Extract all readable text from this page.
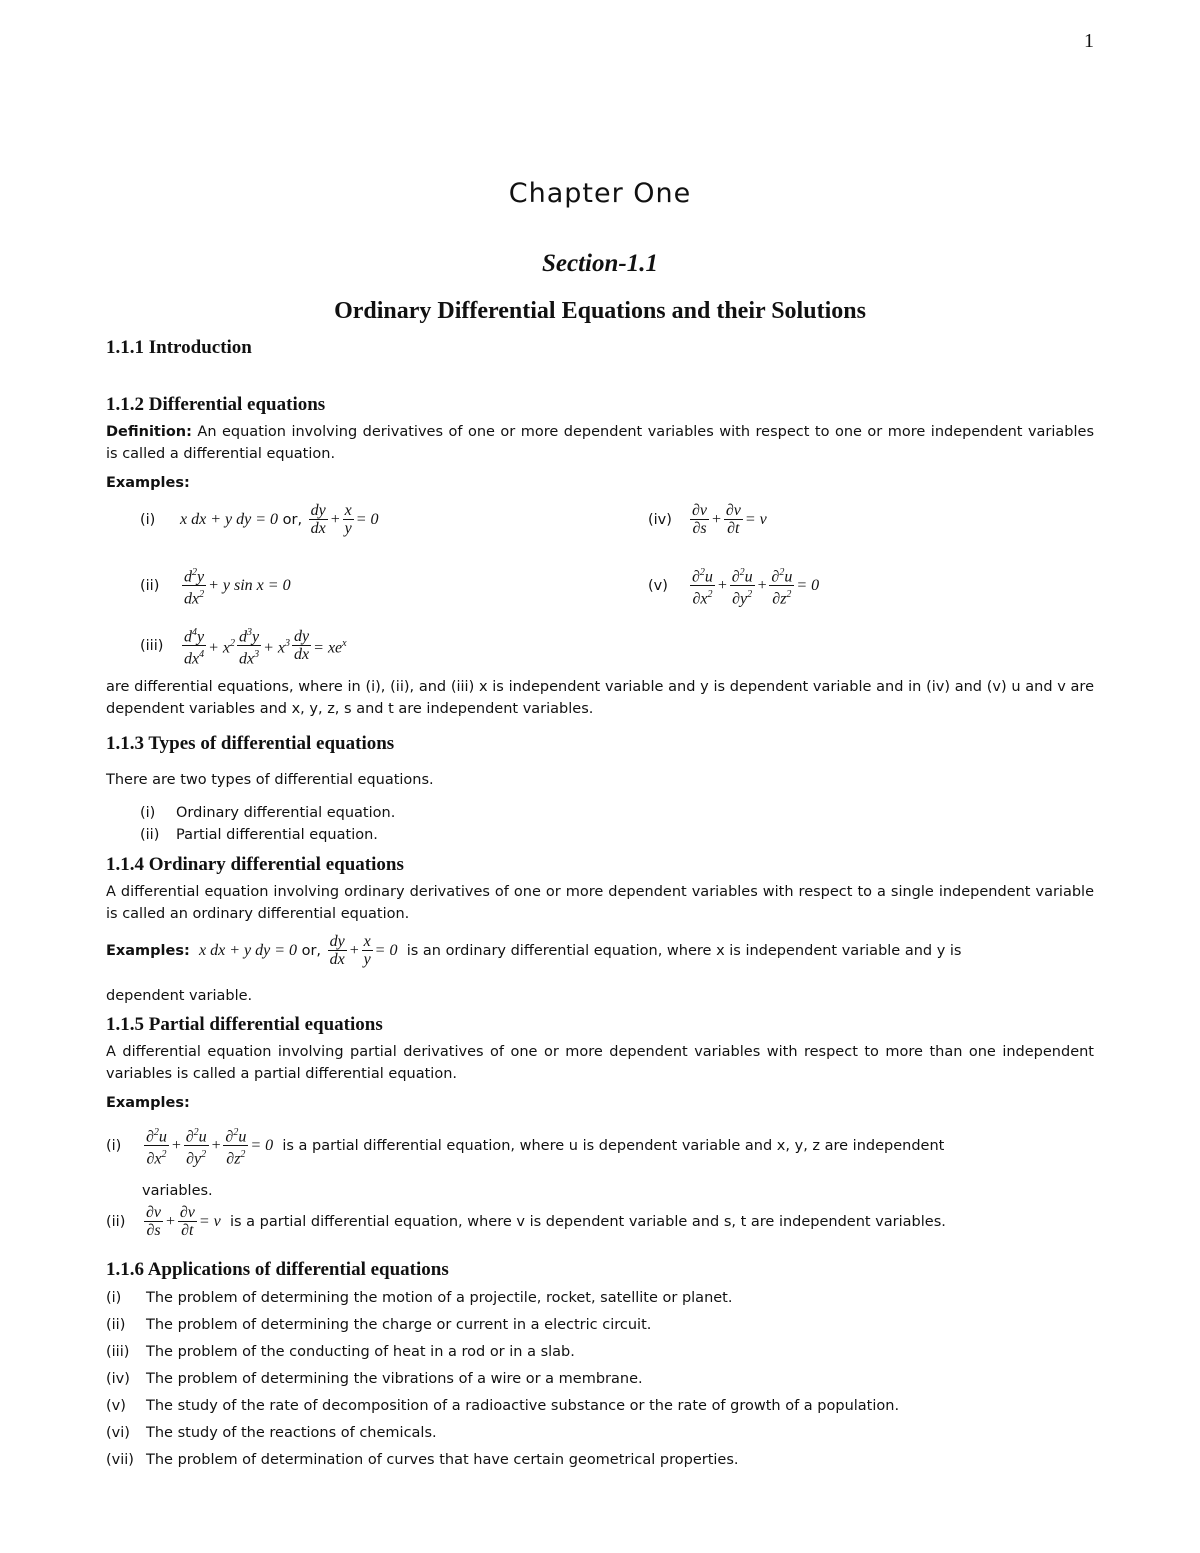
1
Chapter One
Section-1.1
Ordinary Differential Equations and their Solutions
1.1.1 Introduction
1.1.2 Differential equations
Definition: An equation involving derivatives of one or more dependent variables with respect to one or more independent variables is called a differential equation.
Examples:
(i)	x dx + y dy = 0
or,
$\frac{dy}{dx} + \frac{x}{y} = 0$
(ii)	$\frac{d^2y}{dx^2} + y$ sin x = 0
(iii)	$\frac{d^4y}{dx^4} + x^2 \frac{d^3y}{dx^3} + x^3 \frac{dy}{dx} = xe^x$
(iv)	$\frac{\partial v}{\partial s} + \frac{\partial v}{\partial t} = v$
(v)	$\frac{\partial^2u}{\partial x^2} + \frac{\partial^2u}{\partial y^2} + \frac{\partial^2u}{\partial z^2} = 0$
are differential equations, where in (i), (ii), and (iii) x is independent variable and y is dependent variable and in (iv) and (v) u and v are dependent variables and x, y, z, s and t are independent variables.
1.1.3 Types of differential equations
There are two types of differential equations.
(i) Ordinary differential equation.
(ii) Partial differential equation.
1.1.4 Ordinary differential equations
A differential equation involving ordinary derivatives of one or more dependent variables with respect to a single independent variable is called an ordinary differential equation.
Examples:
x dx + y dy = 0
or,
$\frac{dy}{dx} + \frac{x}{y} = 0$
is an ordinary differential equation, where x is independent variable and y is
dependent variable.
1.1.5 Partial differential equations
A differential equation involving partial derivatives of one or more dependent variables with respect to more than one independent variables is called a partial differential equation.
Examples:
(i)	$\frac{\partial^2u}{\partial x^2} + \frac{\partial^2u}{\partial y^2} + \frac{\partial^2u}{\partial z^2} = 0$
is a partial differential equation, where u is dependent variable and x, y, z are independent
variables.
(ii)	$\frac{\partial v}{\partial s} + \frac{\partial v}{\partial t} = v$
is a partial differential equation, where v is dependent variable and s, t are independent variables.
1.1.6 Applications of differential equations
(i) The problem of determining the motion of a projectile, rocket, satellite or planet.
(ii) The problem of determining the charge or current in a electric circuit.
(iii) The problem of the conducting of heat in a rod or in a slab.
(iv) The problem of determining the vibrations of a wire or a membrane.
(v) The study of the rate of decomposition of a radioactive substance or the rate of growth of a population.
(vi) The study of the reactions of chemicals.
(vii) The problem of determination of curves that have certain geometrical properties.
